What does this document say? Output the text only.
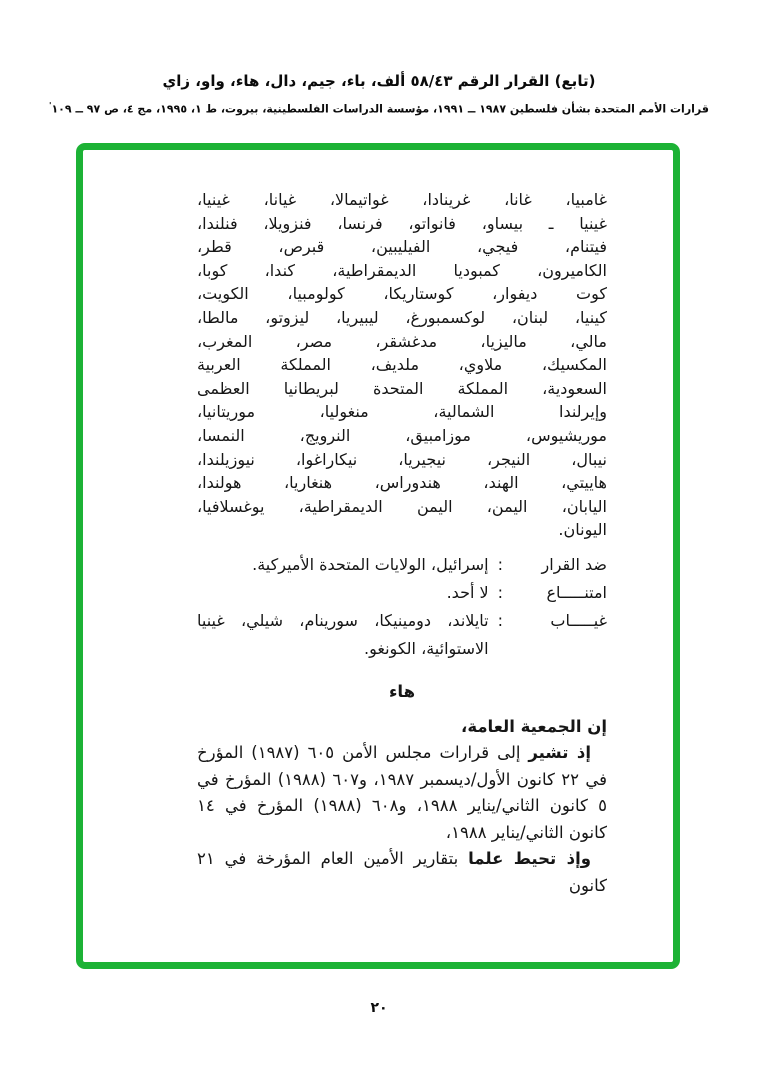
(تابع) القرار الرقم ٥٨/٤٣ ألف، باء، جيم، دال، هاء، واو، زاي
قرارات الأمم المتحدة بشأن فلسطين ١٩٨٧ ــ ١٩٩١، مؤسسة الدراسات الفلسطينية، بيروت، ط ١، ١٩٩٥، مج ٤، ص ٩٧ ــ ١٠٩'
غامبيا، غانا، غرينادا، غواتيمالا، غيانا، غينيا،
غينيا ـ بيساو، فانواتو، فرنسا، فنزويلا، فنلندا،
فيتنام، فيجي، الفيليبين، قبرص، قطر،
الكاميرون، كمبوديا الديمقراطية، كندا، كوبا،
كوت ديفوار، كوستاريكا، كولومبيا، الكويت،
كينيا، لبنان، لوكسمبورغ، ليبيريا، ليزوتو، مالطا،
مالي، ماليزيا، مدغشقر، مصر، المغرب،
المكسيك، ملاوي، ملديف، المملكة العربية
السعودية، المملكة المتحدة لبريطانيا العظمى
وإيرلندا الشمالية، منغوليا، موريتانيا،
موريشيوس، موزامبيق، النرويج، النمسا،
نيبال، النيجر، نيجيريا، نيكاراغوا، نيوزيلندا،
هاييتي، الهند، هندوراس، هنغاريا، هولندا،
اليابان، اليمن، اليمن الديمقراطية، يوغسلافيا،
اليونان.
ضد القرار
:
إسرائيل، الولايات المتحدة الأميركية.
امتنـــــاع
:
لا أحد.
غيـــــاب
:
تايلاند، دومينيكا، سورينام، شيلي، غينيا الاستوائية، الكونغو.
هاء
إن الجمعية العامة،
إذ تشير إلى قرارات مجلس الأمن ٦٠٥ (١٩٨٧) المؤرخ في ٢٢ كانون الأول/ديسمبر ١٩٨٧، و٦٠٧ (١٩٨٨) المؤرخ في ٥ كانون الثاني/يناير ١٩٨٨، و٦٠٨ (١٩٨٨) المؤرخ في ١٤ كانون الثاني/يناير ١٩٨٨،
وإذ تحيط علما بتقارير الأمين العام المؤرخة في ٢١ كانون
٢٠
